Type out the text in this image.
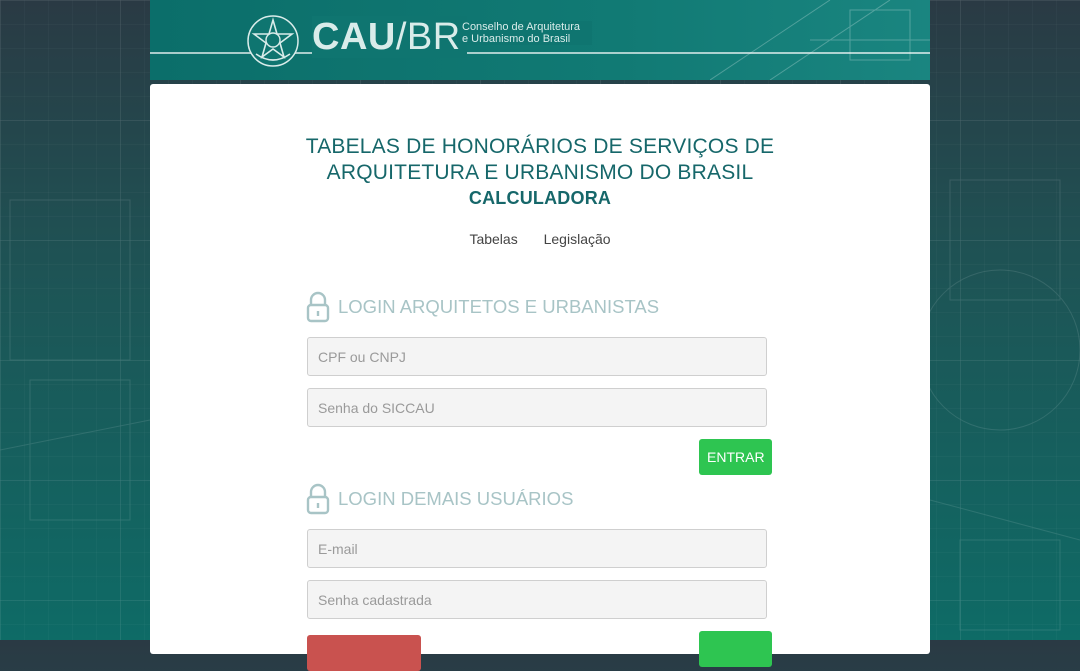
CAU/BR Conselho de Arquitetura
e Urbanismo do Brasil
TABELAS DE HONORÁRIOS DE SERVIÇOS DE
ARQUITETURA E URBANISMO DO BRASIL
CALCULADORA
Tabelas Legislação
LOGIN ARQUITETOS E URBANISTAS
CPF ou CNPJ
ENTRAR
LOGIN DEMAIS USUÁRIOS
E-mail
